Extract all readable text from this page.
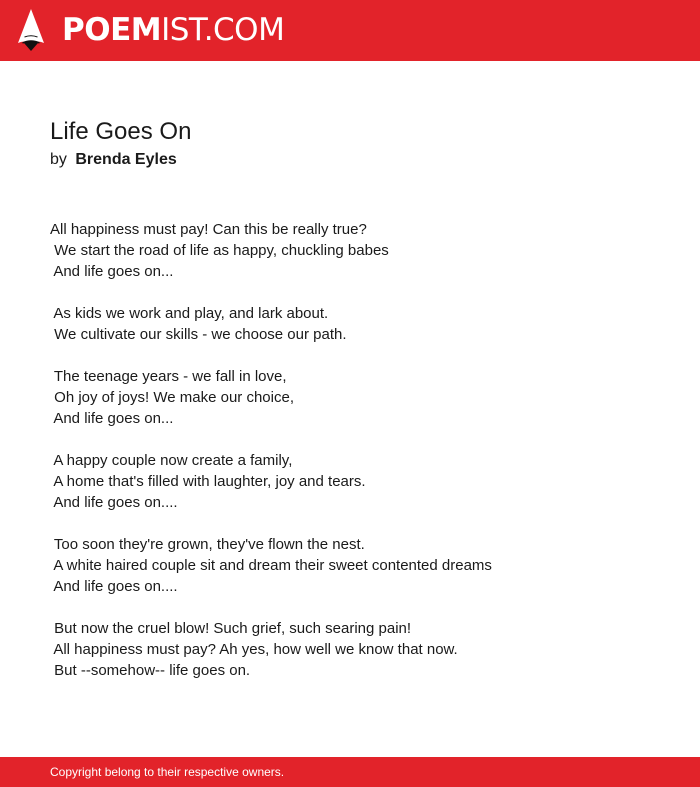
POEMIST.COM
Life Goes On
by Brenda Eyles
All happiness must pay! Can this be really true?
We start the road of life as happy, chuckling babes
And life goes on...
As kids we work and play, and lark about.
We cultivate our skills - we choose our path.
The teenage years - we fall in love,
Oh joy of joys! We make our choice,
And life goes on...
A happy couple now create a family,
A home that's filled with laughter, joy and tears.
And life goes on....
Too soon they're grown, they've flown the nest.
A white haired couple sit and dream their sweet contented dreams
And life goes on....
But now the cruel blow! Such grief, such searing pain!
All happiness must pay? Ah yes, how well we know that now.
But --somehow-- life goes on.
Copyright belong to their respective owners.
